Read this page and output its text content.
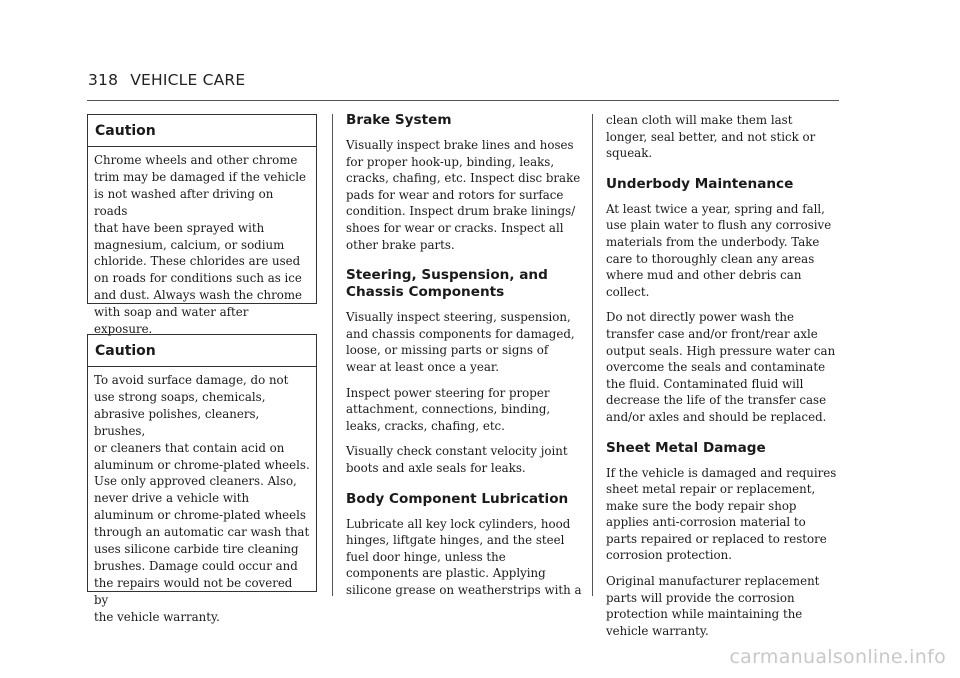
318 VEHICLE CARE
Caution
Chrome wheels and other chrome
trim may be damaged if the vehicle
is not washed after driving on roads
that have been sprayed with
magnesium, calcium, or sodium
chloride. These chlorides are used
on roads for conditions such as ice
and dust. Always wash the chrome
with soap and water after exposure.
Caution
To avoid surface damage, do not
use strong soaps, chemicals,
abrasive polishes, cleaners, brushes,
or cleaners that contain acid on
aluminum or chrome-plated wheels.
Use only approved cleaners. Also,
never drive a vehicle with
aluminum or chrome-plated wheels
through an automatic car wash that
uses silicone carbide tire cleaning
brushes. Damage could occur and
the repairs would not be covered by
the vehicle warranty.
Brake System
Visually inspect brake lines and hoses
for proper hook-up, binding, leaks,
cracks, chafing, etc. Inspect disc brake
pads for wear and rotors for surface
condition. Inspect drum brake linings/
shoes for wear or cracks. Inspect all
other brake parts.
Steering, Suspension, and
Chassis Components
Visually inspect steering, suspension,
and chassis components for damaged,
loose, or missing parts or signs of
wear at least once a year.
Inspect power steering for proper
attachment, connections, binding,
leaks, cracks, chafing, etc.
Visually check constant velocity joint
boots and axle seals for leaks.
Body Component Lubrication
Lubricate all key lock cylinders, hood
hinges, liftgate hinges, and the steel
fuel door hinge, unless the
components are plastic. Applying
silicone grease on weatherstrips with a
clean cloth will make them last
longer, seal better, and not stick or
squeak.
Underbody Maintenance
At least twice a year, spring and fall,
use plain water to flush any corrosive
materials from the underbody. Take
care to thoroughly clean any areas
where mud and other debris can
collect.
Do not directly power wash the
transfer case and/or front/rear axle
output seals. High pressure water can
overcome the seals and contaminate
the fluid. Contaminated fluid will
decrease the life of the transfer case
and/or axles and should be replaced.
Sheet Metal Damage
If the vehicle is damaged and requires
sheet metal repair or replacement,
make sure the body repair shop
applies anti-corrosion material to
parts repaired or replaced to restore
corrosion protection.
Original manufacturer replacement
parts will provide the corrosion
protection while maintaining the
vehicle warranty.
carmanualsonline.info
